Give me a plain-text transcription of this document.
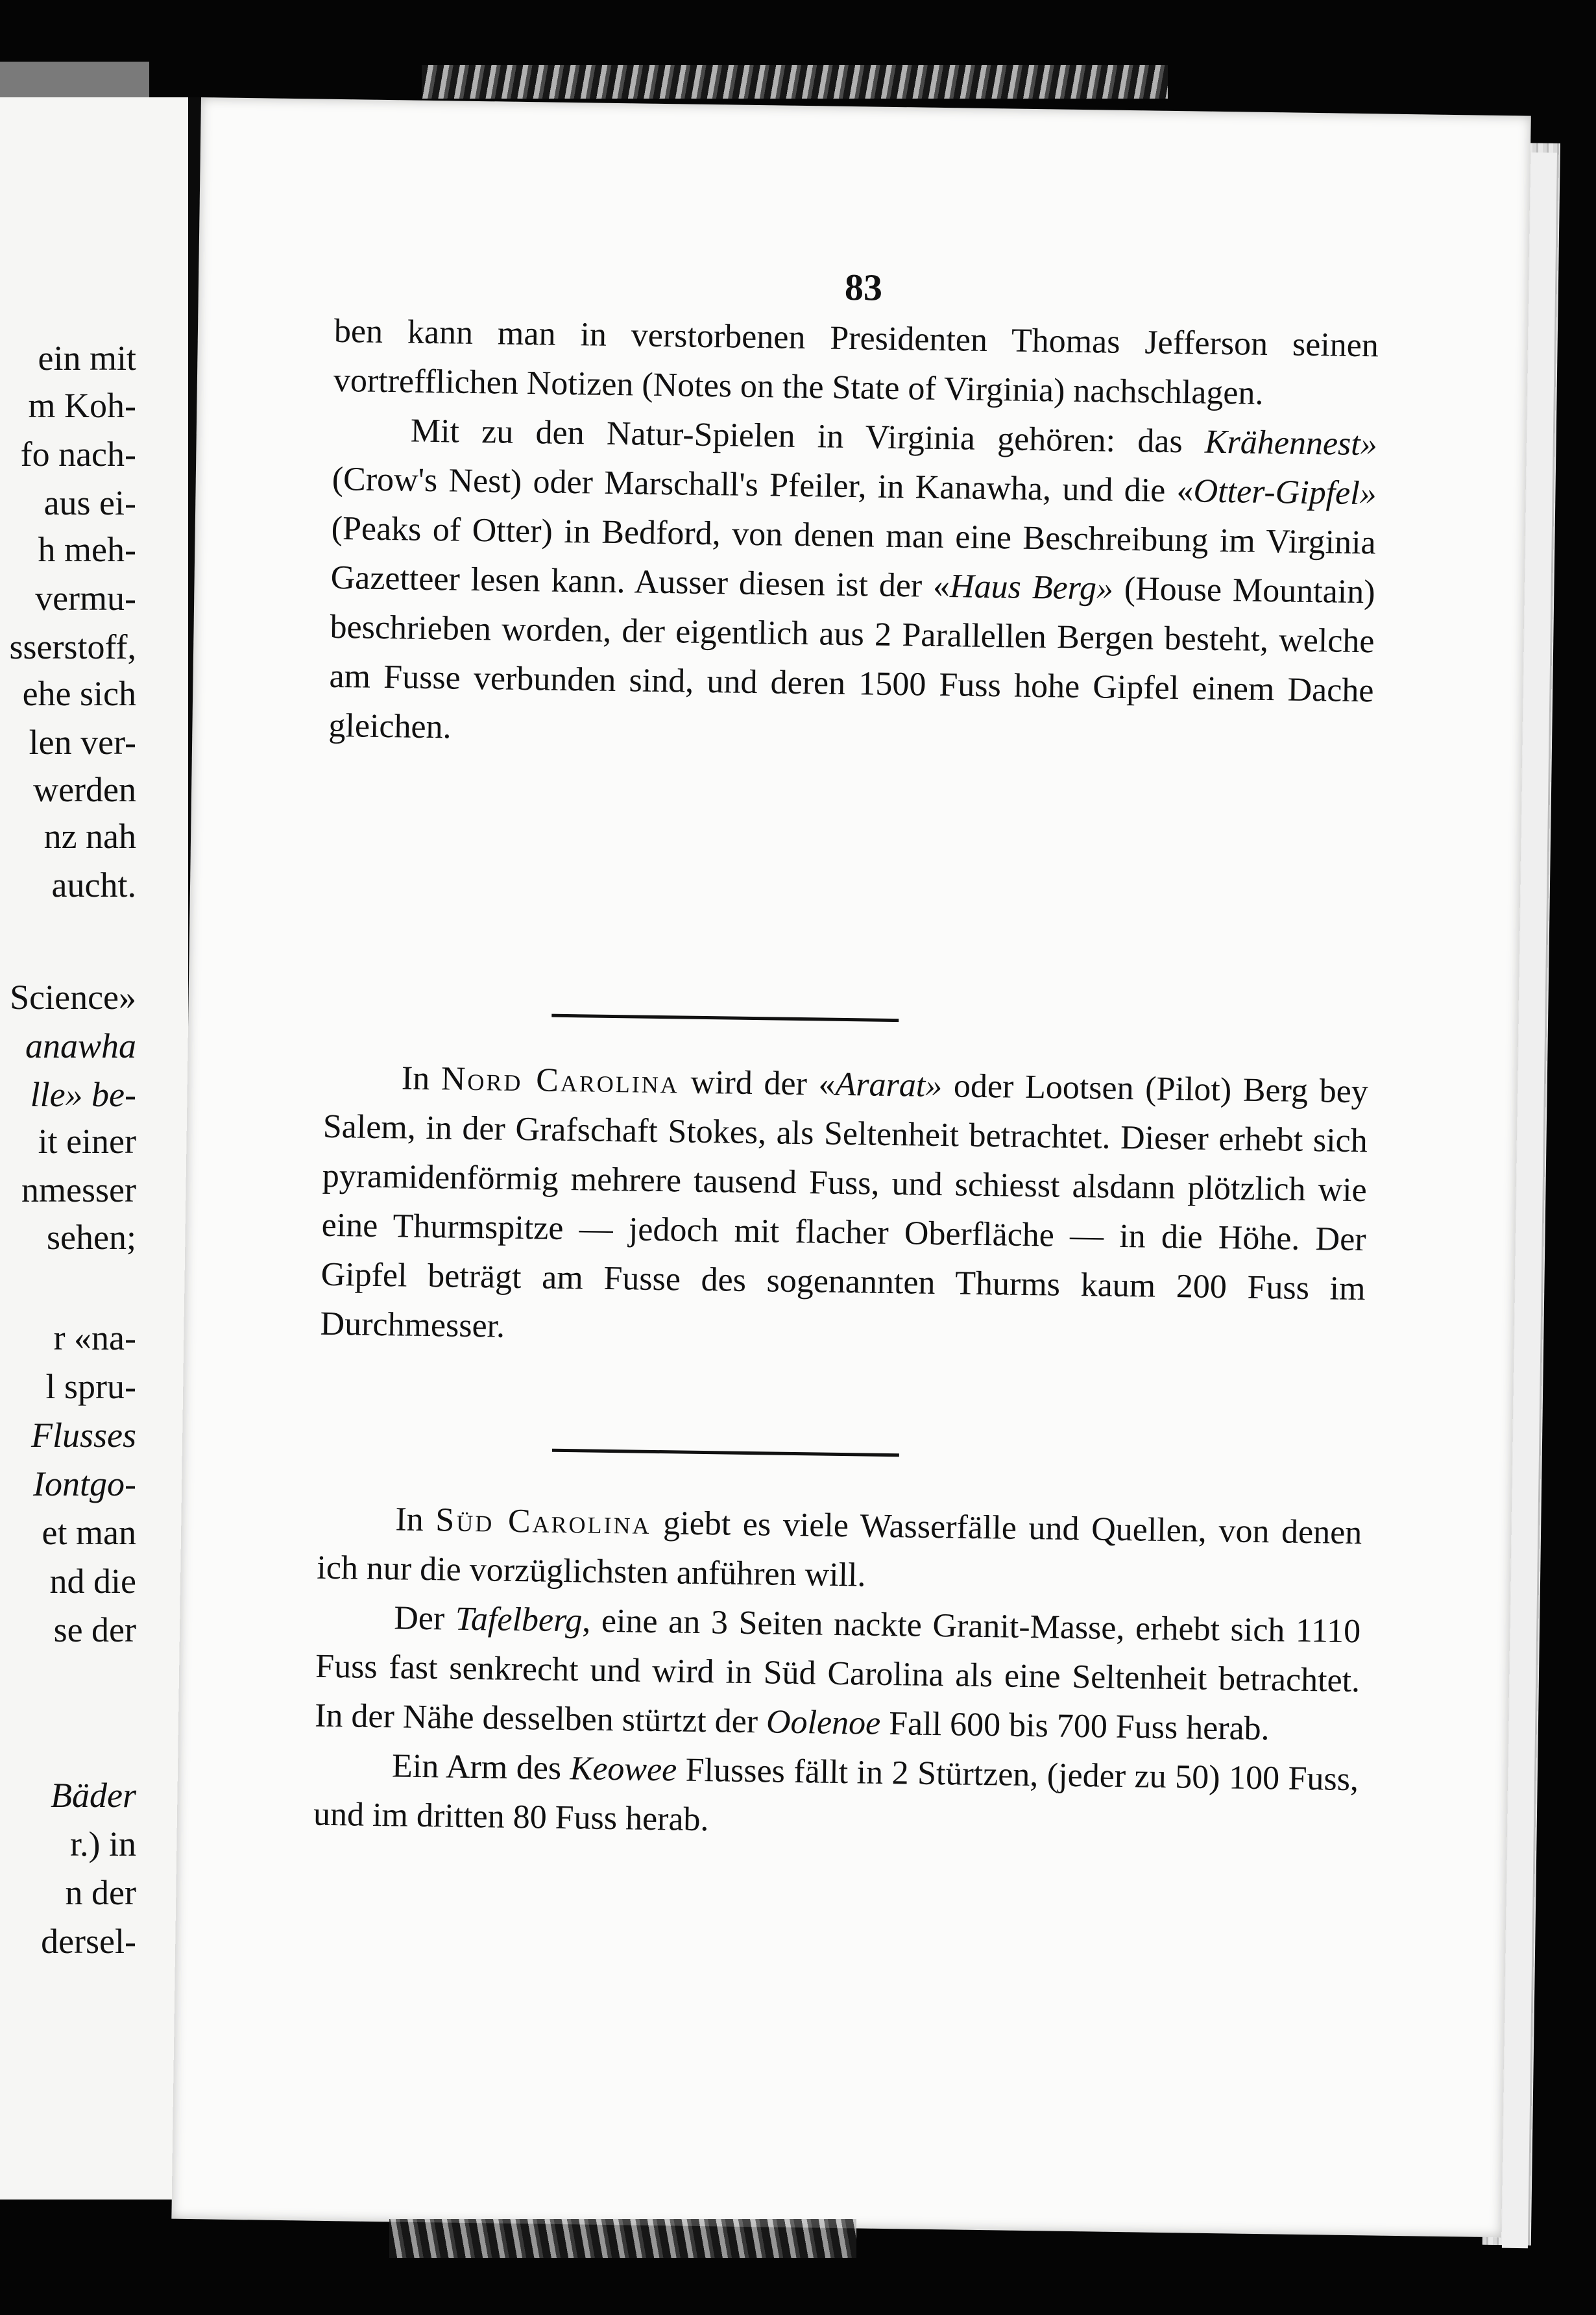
ein mit
m Koh-
fo nach-
aus ei-
h meh-
vermu-
sserstoff,
ehe sich
len ver-
werden
nz nah
aucht.
Science»
anawha
lle» be-
it einer
nmesser
sehen;
r «na-
l spru-
Flusses
Iontgo-
et man
nd die
se der
Bäder
r.) in
n der
dersel-
83

ben kann man in verstorbenen Presidenten Thomas Jefferson seinen vortrefflichen Notizen (Notes on the State of Virginia) nachschlagen.

Mit zu den Natur-Spielen in Virginia gehören: das Krähennest» (Crow's Nest) oder Marschall's Pfeiler, in Kanawha, und die «Otter-Gipfel» (Peaks of Otter) in Bedford, von denen man eine Beschreibung im Virginia Gazetteer lesen kann. Ausser diesen ist der «Haus Berg» (House Mountain) beschrieben worden, der eigentlich aus 2 Parallellen Bergen besteht, welche am Fusse verbunden sind, und deren 1500 Fuss hohe Gipfel einem Dache gleichen.

In Nord Carolina wird der «Ararat» oder Lootsen (Pilot) Berg bey Salem, in der Grafschaft Stokes, als Seltenheit betrachtet. Dieser erhebt sich pyramidenförmig mehrere tausend Fuss, und schiesst alsdann plötzlich wie eine Thurmspitze — jedoch mit flacher Oberfläche — in die Höhe. Der Gipfel beträgt am Fusse des sogenannten Thurms kaum 200 Fuss im Durchmesser.

In Süd Carolina giebt es viele Wasserfälle und Quellen, von denen ich nur die vorzüglichsten anführen will.

Der Tafelberg, eine an 3 Seiten nackte Granit-Masse, erhebt sich 1110 Fuss fast senkrecht und wird in Süd Carolina als eine Seltenheit betrachtet. In der Nähe desselben stürtzt der Oolenoe Fall 600 bis 700 Fuss herab.

Ein Arm des Keowee Flusses fällt in 2 Stürtzen, (jeder zu 50) 100 Fuss, und im dritten 80 Fuss herab.
